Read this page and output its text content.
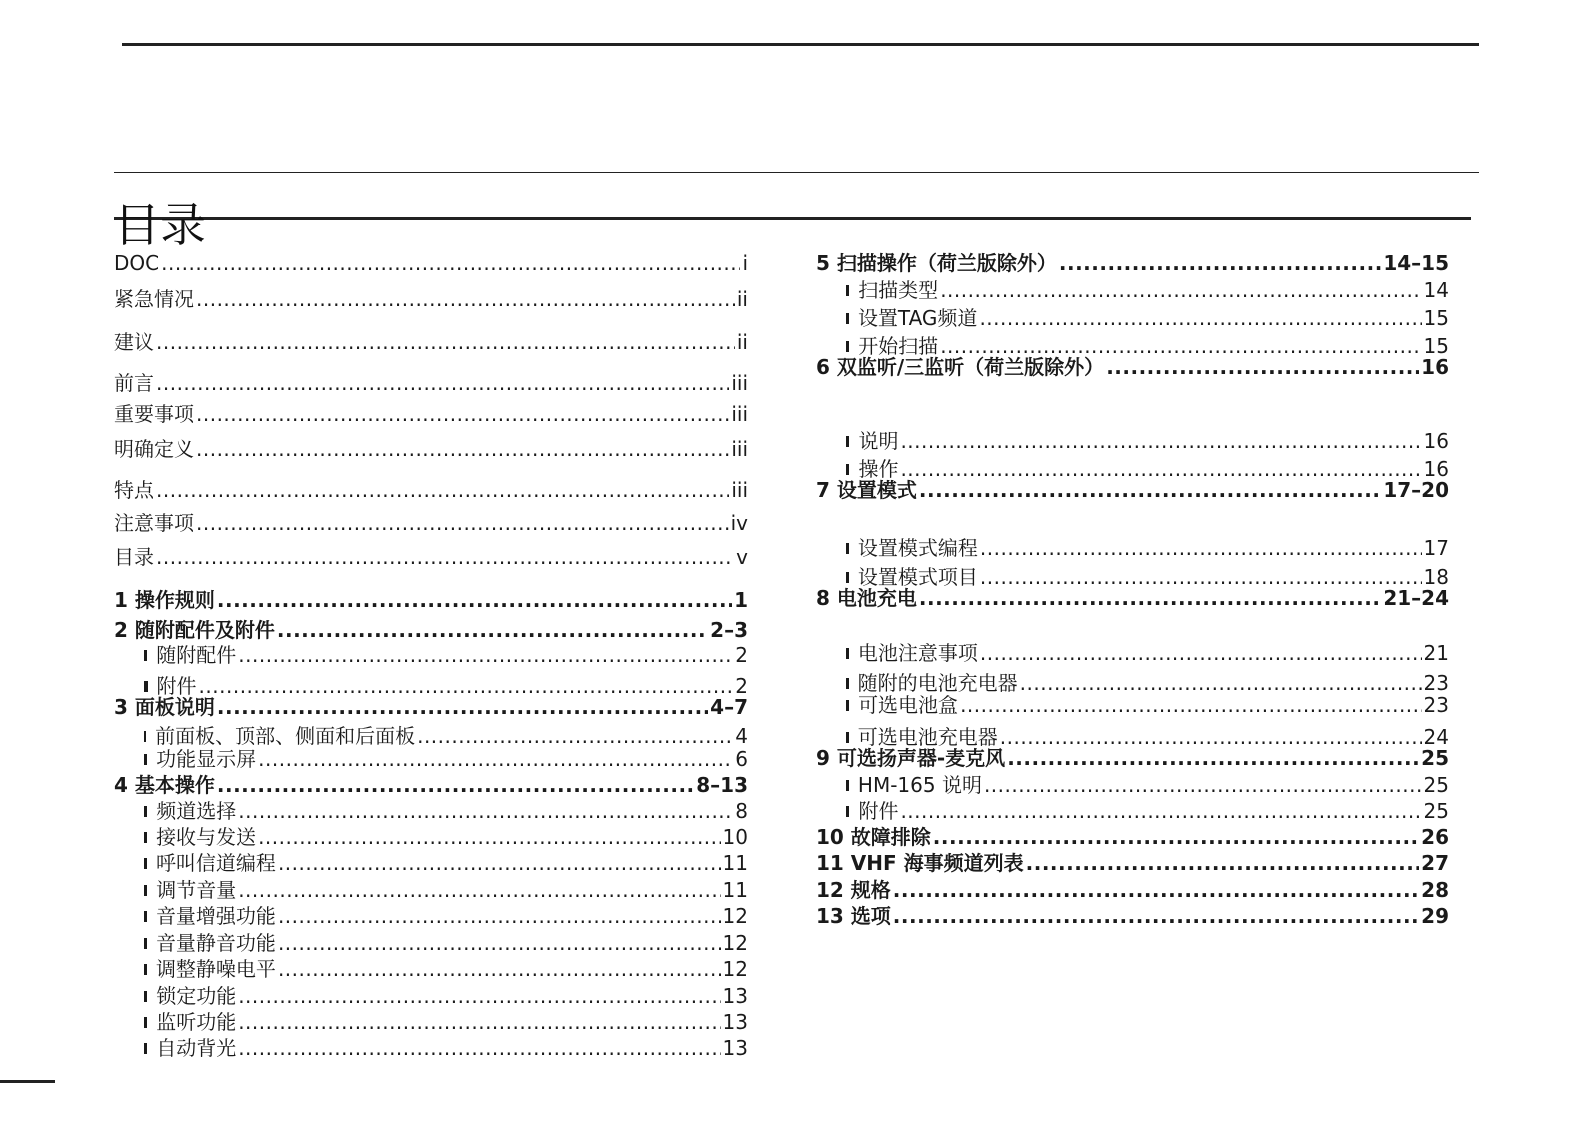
目录
DOC .....	i
紧急情况 .....	ii
建议 .....	ii
前言 .....	iii
重要事项 .....	iii
明确定义 .....	iii
特点 .....	iii
注意事项 .....	iv
目录 .....	v
1 操作规则 .....	1
2 随附配件及附件 .....	2–3
随附配件 .....	2
附件 .....	2
3 面板说明 .....	4–7
前面板、顶部、侧面和后面板 .....	4
功能显示屏 .....	6
4 基本操作 .....	8–13
频道选择 .....	8
接收与发送 .....	10
呼叫信道编程 .....	11
调节音量 .....	11
音量增强功能 .....	12
音量静音功能 .....	12
调整静噪电平 .....	12
锁定功能 .....	13
监听功能 .....	13
自动背光 .....	13
5 扫描操作（荷兰版除外） .....	14–15
扫描类型 .....	14
设置TAG频道 .....	15
开始扫描 .....	15
6 双监听/三监听（荷兰版除外） .....	16
说明 .....	16
操作 .....	16
7 设置模式 .....	17–20
设置模式编程 .....	17
设置模式项目 .....	18
8 电池充电 .....	21–24
电池注意事项 .....	21
随附的电池充电器 .....	23
可选电池盒 .....	23
可选电池充电器 .....	24
9 可选扬声器-麦克风 .....	25
HM-165 说明 .....	25
附件 .....	25
10 故障排除 .....	26
11 VHF 海事频道列表 .....	27
12 规格 .....	28
13 选项 .....	29
